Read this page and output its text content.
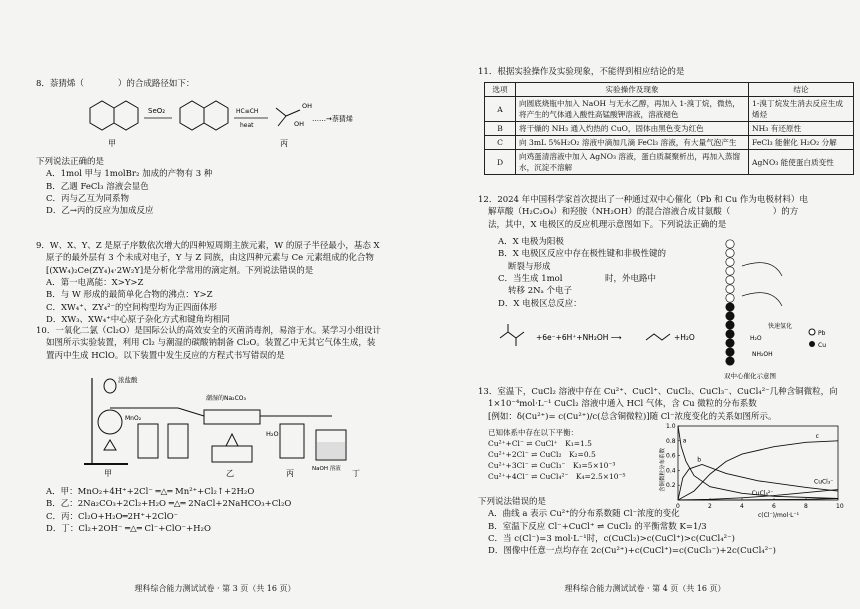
8．萘猜烯（　　　　）的合成路径如下：

甲
SeO₂	HC≡CH
heat
OH
OH
丙
……→萘猜烯

下列说法正确的是

A．1mol 甲与 1molBr₂ 加成的产物有 3 种

B．乙遇 FeCl₃ 溶液会显色

C．丙与乙互为同系物

D．乙→丙的反应为加成反应

9．W、X、Y、Z 是原子序数依次增大的四种短周期主族元素，W 的原子半径最小，基态 X

原子的最外层有 3 个未成对电子，Y 与 Z 同族，由这四种元素与 Ce 元素组成的化合物

[(XW₄)₂Ce(ZY₄)₄·2W₂Y]是分析化学常用的滴定剂。下列说法错误的是

A．第一电离能：X>Y>Z

B．与 W 形成的最简单化合物的沸点：Y>Z

C．XW₄⁺、ZY₄²⁻的空间构型均为正四面体形

D．XW₃、XW₄⁺中心原子杂化方式和键角均相同

10．一氧化二氯（Cl₂O）是国际公认的高效安全的灭菌消毒剂，易溶于水。某学习小组设计

如图所示实验装置，利用 Cl₂ 与潮湿的碳酸钠制备 Cl₂O。装置乙中无其它气体生成，装

置丙中生成 HClO。以下装置中发生反应的方程式书写错误的是

浓盐酸
MnO₂
甲
潮湿的Na₂CO₃
乙
H₂O
丙	NaOH 溶液 丁

A．甲：MnO₂+4H⁺+2Cl⁻ ═△═ Mn²⁺+Cl₂↑+2H₂O

B．乙：2Na₂CO₃+2Cl₂+H₂O ═△═ 2NaCl+2NaHCO₃+Cl₂O

C．丙：Cl₂O+H₂O═2H⁺+2ClO⁻

D．丁：Cl₂+2OH⁻ ═△═ Cl⁻+ClO⁻+H₂O

理科综合能力测试试卷 · 第 3 页（共 16 页）

11．根据实验操作及实验现象，不能得到相应结论的是

选项	实验操作及现象	结论
A	向圆底烧瓶中加入 NaOH 与无水乙醇，再加入 1-溴丁烷，微热，将产生的气体通入酸性高锰酸钾溶液，溶液褪色	1-溴丁烷发生消去反应生成烯烃
B	将干燥的 NH₃ 通入灼热的 CuO，固体由黑色变为红色	NH₃ 有还原性
C	向 3mL 5%H₂O₂ 溶液中滴加几滴 FeCl₃ 溶液，有大量气泡产生	FeCl₃ 能催化 H₂O₂ 分解
D	向鸡蛋清溶液中加入 AgNO₃ 溶液，蛋白质凝聚析出，再加入蒸馏水，沉淀不溶解	AgNO₃ 能使蛋白质变性

12．2024 年中国科学家首次提出了一种通过双中心催化（Pb 和 Cu 作为电极材料）电

解草酸（H₂C₂O₄）和羟胺（NH₂OH）的混合溶液合成甘氨酸（　　　　　）的方

法，其中，X 电极区的反应机理示意图如下。下列说法正确的是

A．X 电极为阳极

B．X 电极区反应中存在极性键和非极性键的

断裂与形成

C．当生成 1mol　　　　　时，外电路中

转移 2Nₐ 个电子

D．X 电极区总反应：

+6e⁻+6H⁺+NH₂OH ⟶	+H₂O
快速氢化
双中心催化示意图
Pb
Cu
H₂O
NH₂OH

13．室温下，CuCl₂ 溶液中存在 Cu²⁺、CuCl⁺、CuCl₂、CuCl₃⁻、CuCl₄²⁻几种含铜微粒，向

1×10⁻⁴mol·L⁻¹ CuCl₂ 溶液中通入 HCl 气体，含 Cu 微粒的分布系数

[例如：δ(Cu²⁺)= c(Cu²⁺)/c(总含铜微粒)]随 Cl⁻浓度变化的关系如图所示。

已知体系中存在以下平衡：

Cu²⁺+Cl⁻ ⇌ CuCl⁺　K₁=1.5

Cu²⁺+2Cl⁻ ⇌ CuCl₂　K₂=0.5

Cu²⁺+3Cl⁻ ⇌ CuCl₃⁻　K₃=5×10⁻³

Cu²⁺+4Cl⁻ ⇌ CuCl₄²⁻　K₄=2.5×10⁻⁵

0	2	4	6	8	10
0.2
0.4
0.6
0.8
1.0
c(Cl⁻)/mol·L⁻¹
含铜微粒分布系数
a
b
c
CuCl₃⁻
CuCl₄²⁻

下列说法错误的是

A．曲线 a 表示 Cu²⁺的分布系数随 Cl⁻浓度的变化

B．室温下反应 Cl⁻+CuCl⁺ ⇌ CuCl₂ 的平衡常数 K=1/3

C．当 c(Cl⁻)=3 mol·L⁻¹时，c(CuCl₂)>c(CuCl⁺)>c(CuCl₄²⁻)

D．图像中任意一点均存在 2c(Cu²⁺)+c(CuCl⁺)=c(CuCl₃⁻)+2c(CuCl₄²⁻)

理科综合能力测试试卷 · 第 4 页（共 16 页）
